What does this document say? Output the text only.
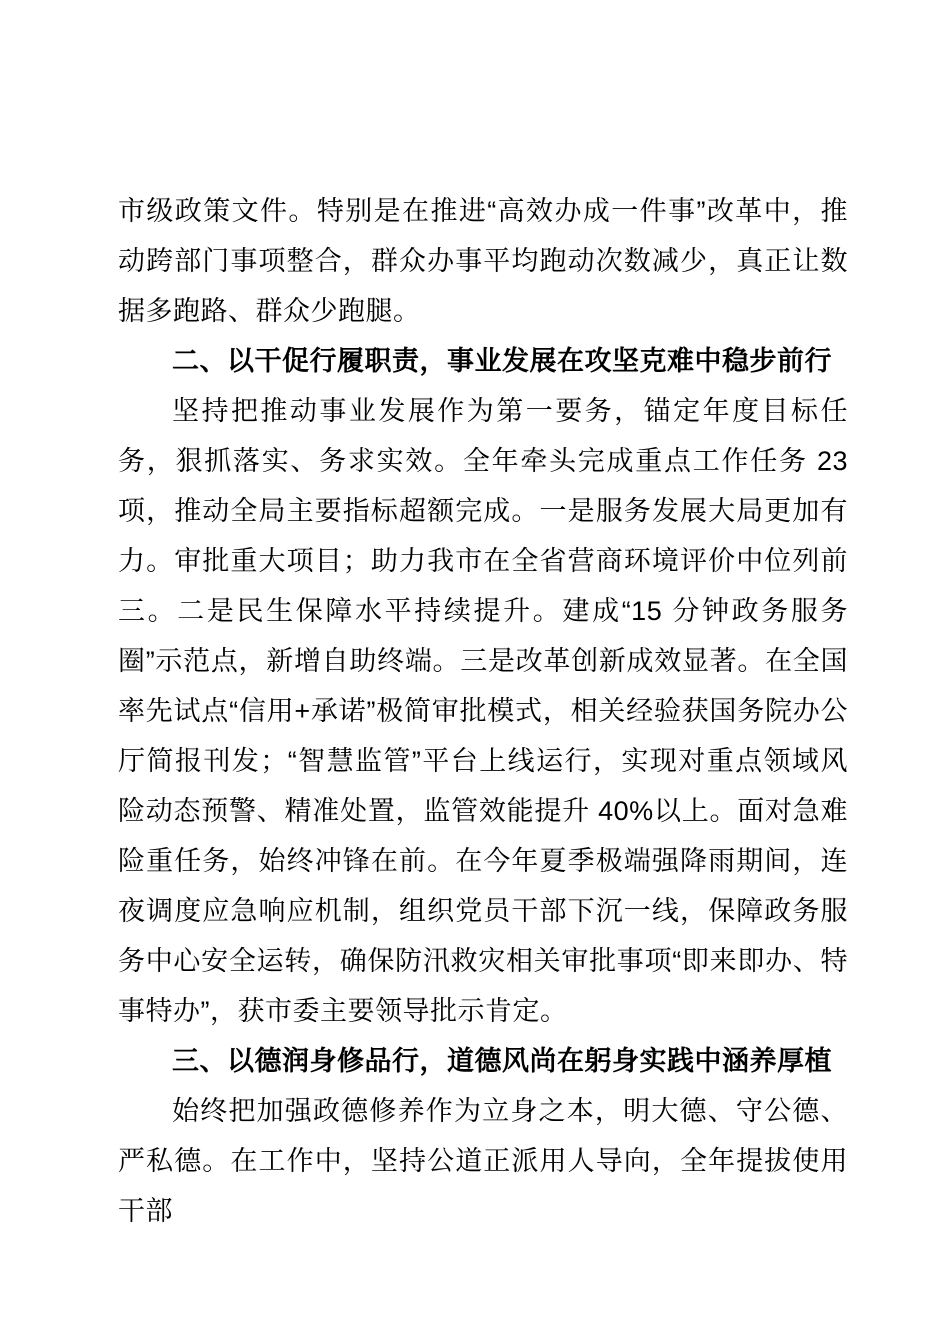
市级政策文件。特别是在推进“高效办成一件事”改革中，推动跨部门事项整合，群众办事平均跑动次数减少，真正让数据多跑路、群众少跑腿。

二、以干促行履职责，事业发展在攻坚克难中稳步前行

坚持把推动事业发展作为第一要务，锚定年度目标任务，狠抓落实、务求实效。全年牵头完成重点工作任务 23 项，推动全局主要指标超额完成。一是服务发展大局更加有力。审批重大项目；助力我市在全省营商环境评价中位列前三。二是民生保障水平持续提升。建成“15 分钟政务服务圈”示范点，新增自助终端。三是改革创新成效显著。在全国率先试点“信用+承诺”极简审批模式，相关经验获国务院办公厅简报刊发；“智慧监管”平台上线运行，实现对重点领域风险动态预警、精准处置，监管效能提升 40%以上。面对急难险重任务，始终冲锋在前。在今年夏季极端强降雨期间，连夜调度应急响应机制，组织党员干部下沉一线，保障政务服务中心安全运转，确保防汛救灾相关审批事项“即来即办、特事特办”，获市委主要领导批示肯定。

三、以德润身修品行，道德风尚在躬身实践中涵养厚植

始终把加强政德修养作为立身之本，明大德、守公德、严私德。在工作中，坚持公道正派用人导向，全年提拔使用干部
